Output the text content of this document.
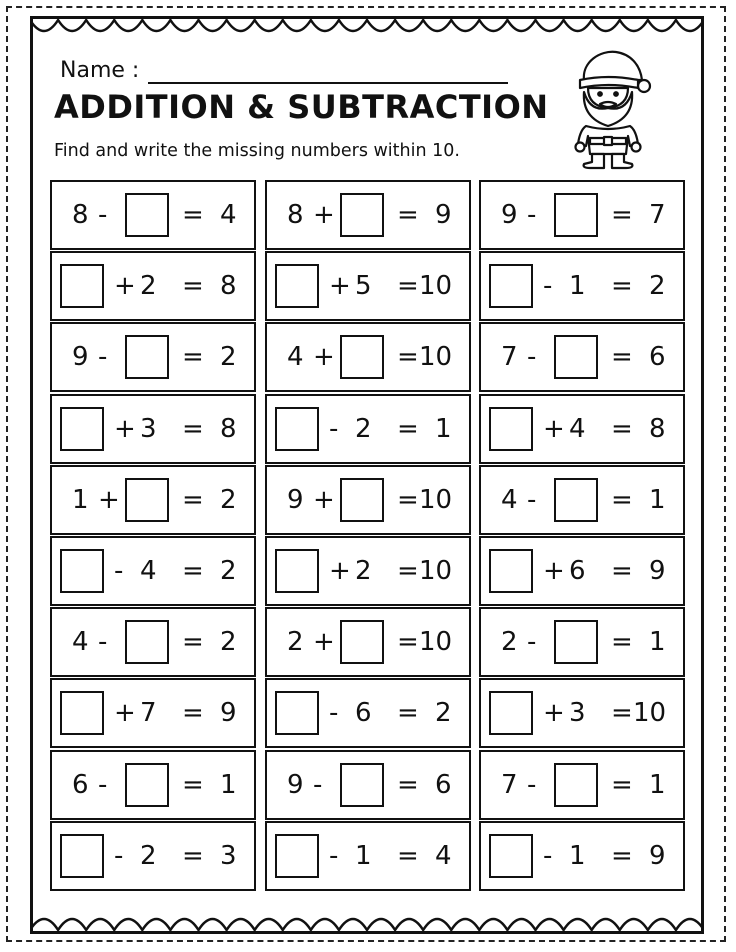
Name :
ADDITION & SUBTRACTION
Find and write the missing numbers within 10.
8 -	= 4
+ 2 = 8
9 -	= 2
+ 3 = 8
1 + = 2
- 4 = 2
4 -	= 2
+ 7 = 9
6 -	= 1
- 2 = 3
8 + = 9
+ 5 = 10
4 + = 10
- 2 = 1
9 + = 10
+ 2 = 10
2 + = 10
- 6 = 2
9 -	= 6
- 1 = 4
9 -	= 7
- 1 = 2
7 -	= 6
+ 4 = 8
4 -	= 1
+ 6 = 9
2 -	= 1
+ 3 = 10
7 -	= 1
- 1 = 9
